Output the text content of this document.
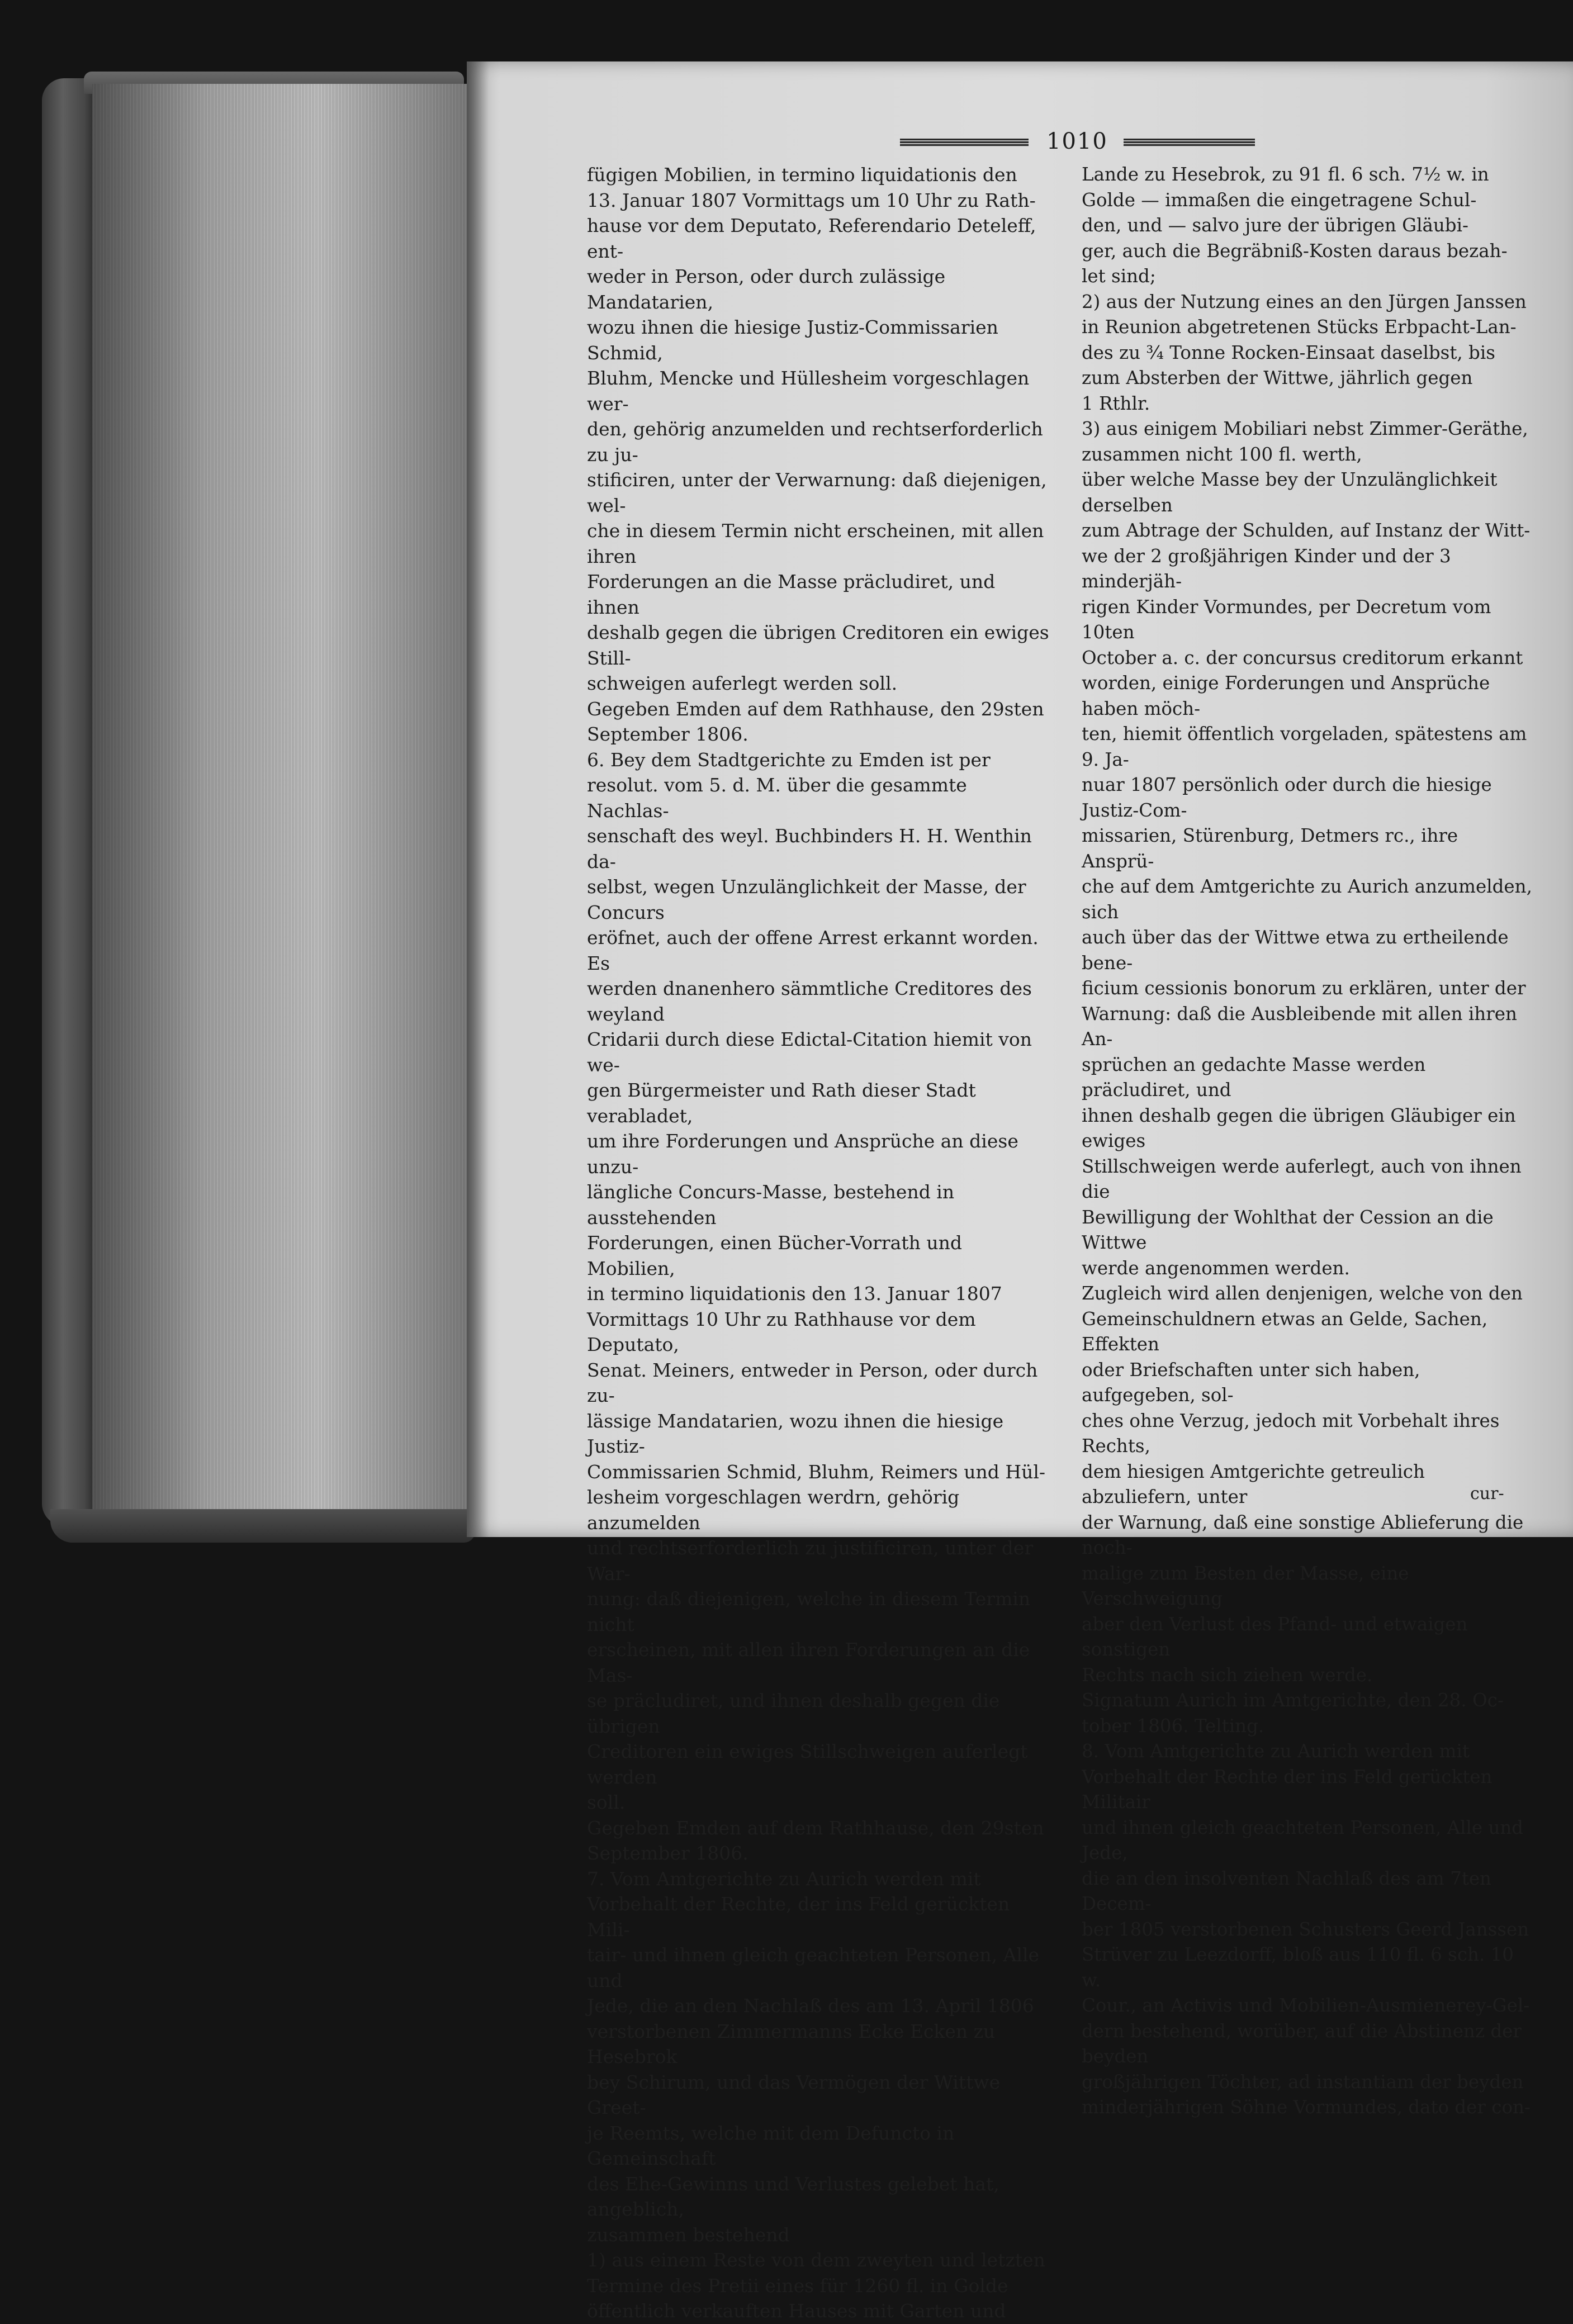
1010

fügigen Mobilien, in termino liquidationis den
13. Januar 1807 Vormittags um 10 Uhr zu Rath-
hause vor dem Deputato, Referendario Deteleff, ent-
weder in Person, oder durch zulässige Mandatarien,
wozu ihnen die hiesige Justiz-Commissarien Schmid,
Bluhm, Mencke und Hüllesheim vorgeschlagen wer-
den, gehörig anzumelden und rechtserforderlich zu ju-
stificiren, unter der Verwarnung: daß diejenigen, wel-
che in diesem Termin nicht erscheinen, mit allen ihren
Forderungen an die Masse präcludiret, und ihnen
deshalb gegen die übrigen Creditoren ein ewiges Still-
schweigen auferlegt werden soll.
Gegeben Emden auf dem Rathhause, den 29sten
September 1806.
6. Bey dem Stadtgerichte zu Emden ist per
resolut. vom 5. d. M. über die gesammte Nachlas-
senschaft des weyl. Buchbinders H. H. Wenthin da-
selbst, wegen Unzulänglichkeit der Masse, der Concurs
eröfnet, auch der offene Arrest erkannt worden. Es
werden dnanenhero sämmtliche Creditores des weyland
Cridarii durch diese Edictal-Citation hiemit von we-
gen Bürgermeister und Rath dieser Stadt verabladet,
um ihre Forderungen und Ansprüche an diese unzu-
längliche Concurs-Masse, bestehend in ausstehenden
Forderungen, einen Bücher-Vorrath und Mobilien,
in termino liquidationis den 13. Januar 1807
Vormittags 10 Uhr zu Rathhause vor dem Deputato,
Senat. Meiners, entweder in Person, oder durch zu-
lässige Mandatarien, wozu ihnen die hiesige Justiz-
Commissarien Schmid, Bluhm, Reimers und Hül-
lesheim vorgeschlagen werdrn, gehörig anzumelden
und rechtserforderlich zu justificiren, unter der War-
nung: daß diejenigen, welche in diesem Termin nicht
erscheinen, mit allen ihren Forderungen an die Mas-
se präcludiret, und ihnen deshalb gegen die übrigen
Creditoren ein ewiges Stillschweigen auferlegt werden
soll.
Gegeben Emden auf dem Rathhause, den 29sten
September 1806.
7. Vom Amtgerichte zu Aurich werden mit
Vorbehalt der Rechte, der ins Feld gerückten Mili-
tair- und ihnen gleich geachteten Personen, Alle und
Jede, die an den Nachlaß des am 13. April 1806
verstorbenen Zimmermanns Ecke Ecken zu Hesebrok
bey Schirum, und das Vermögen der Wittwe Greet-
je Reemts, welche mit dem Defuncto in Gemeinschaft
des Ehe-Gewinns und Verlustes gelebet hat, angeblich,
zusammen bestehend
1) aus einem Reste von dem zweyten und letzten
Termine des Pretii eines für 1260 fl. in Golde
öffentlich verkauften Hauses mit Garten und

Lande zu Hesebrok, zu 91 fl. 6 sch. 7½ w. in
Golde — immaßen die eingetragene Schul-
den, und — salvo jure der übrigen Gläubi-
ger, auch die Begräbniß-Kosten daraus bezah-
let sind;
2) aus der Nutzung eines an den Jürgen Janssen
in Reunion abgetretenen Stücks Erbpacht-Lan-
des zu ¾ Tonne Rocken-Einsaat daselbst, bis
zum Absterben der Wittwe, jährlich gegen
1 Rthlr.
3) aus einigem Mobiliari nebst Zimmer-Geräthe,
zusammen nicht 100 fl. werth,
über welche Masse bey der Unzulänglichkeit derselben
zum Abtrage der Schulden, auf Instanz der Witt-
we der 2 großjährigen Kinder und der 3 minderjäh-
rigen Kinder Vormundes, per Decretum vom 10ten
October a. c. der concursus creditorum erkannt
worden, einige Forderungen und Ansprüche haben möch-
ten, hiemit öffentlich vorgeladen, spätestens am 9. Ja-
nuar 1807 persönlich oder durch die hiesige Justiz-Com-
missarien, Stürenburg, Detmers rc., ihre Ansprü-
che auf dem Amtgerichte zu Aurich anzumelden, sich
auch über das der Wittwe etwa zu ertheilende bene-
ficium cessionis bonorum zu erklären, unter der
Warnung: daß die Ausbleibende mit allen ihren An-
sprüchen an gedachte Masse werden präcludiret, und
ihnen deshalb gegen die übrigen Gläubiger ein ewiges
Stillschweigen werde auferlegt, auch von ihnen die
Bewilligung der Wohlthat der Cession an die Wittwe
werde angenommen werden.
Zugleich wird allen denjenigen, welche von den
Gemeinschuldnern etwas an Gelde, Sachen, Effekten
oder Briefschaften unter sich haben, aufgegeben, sol-
ches ohne Verzug, jedoch mit Vorbehalt ihres Rechts,
dem hiesigen Amtgerichte getreulich abzuliefern, unter
der Warnung, daß eine sonstige Ablieferung die noch-
malige zum Besten der Masse, eine Verschweigung
aber den Verlust des Pfand- und etwaigen sonstigen
Rechts nach sich ziehen werde.
Signatum Aurich im Amtgerichte, den 28. Oc-
tober 1806. Telting.
8. Vom Amtgerichte zu Aurich werden mit
Vorbehalt der Rechte der ins Feld gerückten Militair
und ihnen gleich geachteten Personen, Alle und Jede,
die an den insolventen Nachlaß des am 7ten Decem-
ber 1805 verstorbenen Schusters Geerd Janssen
Strüver zu Leezdorff, bloß aus 110 fl. 6 sch. 10 w.
Cour., an Activis und Mobilien-Ausmienerey-Gel-
dern bestehend, worüber, auf die Abstinenz der beyden
großjährigen Töchter, ad instantiam der beyden
minderjährigen Söhne Vormundes, dato der con-

cur-
